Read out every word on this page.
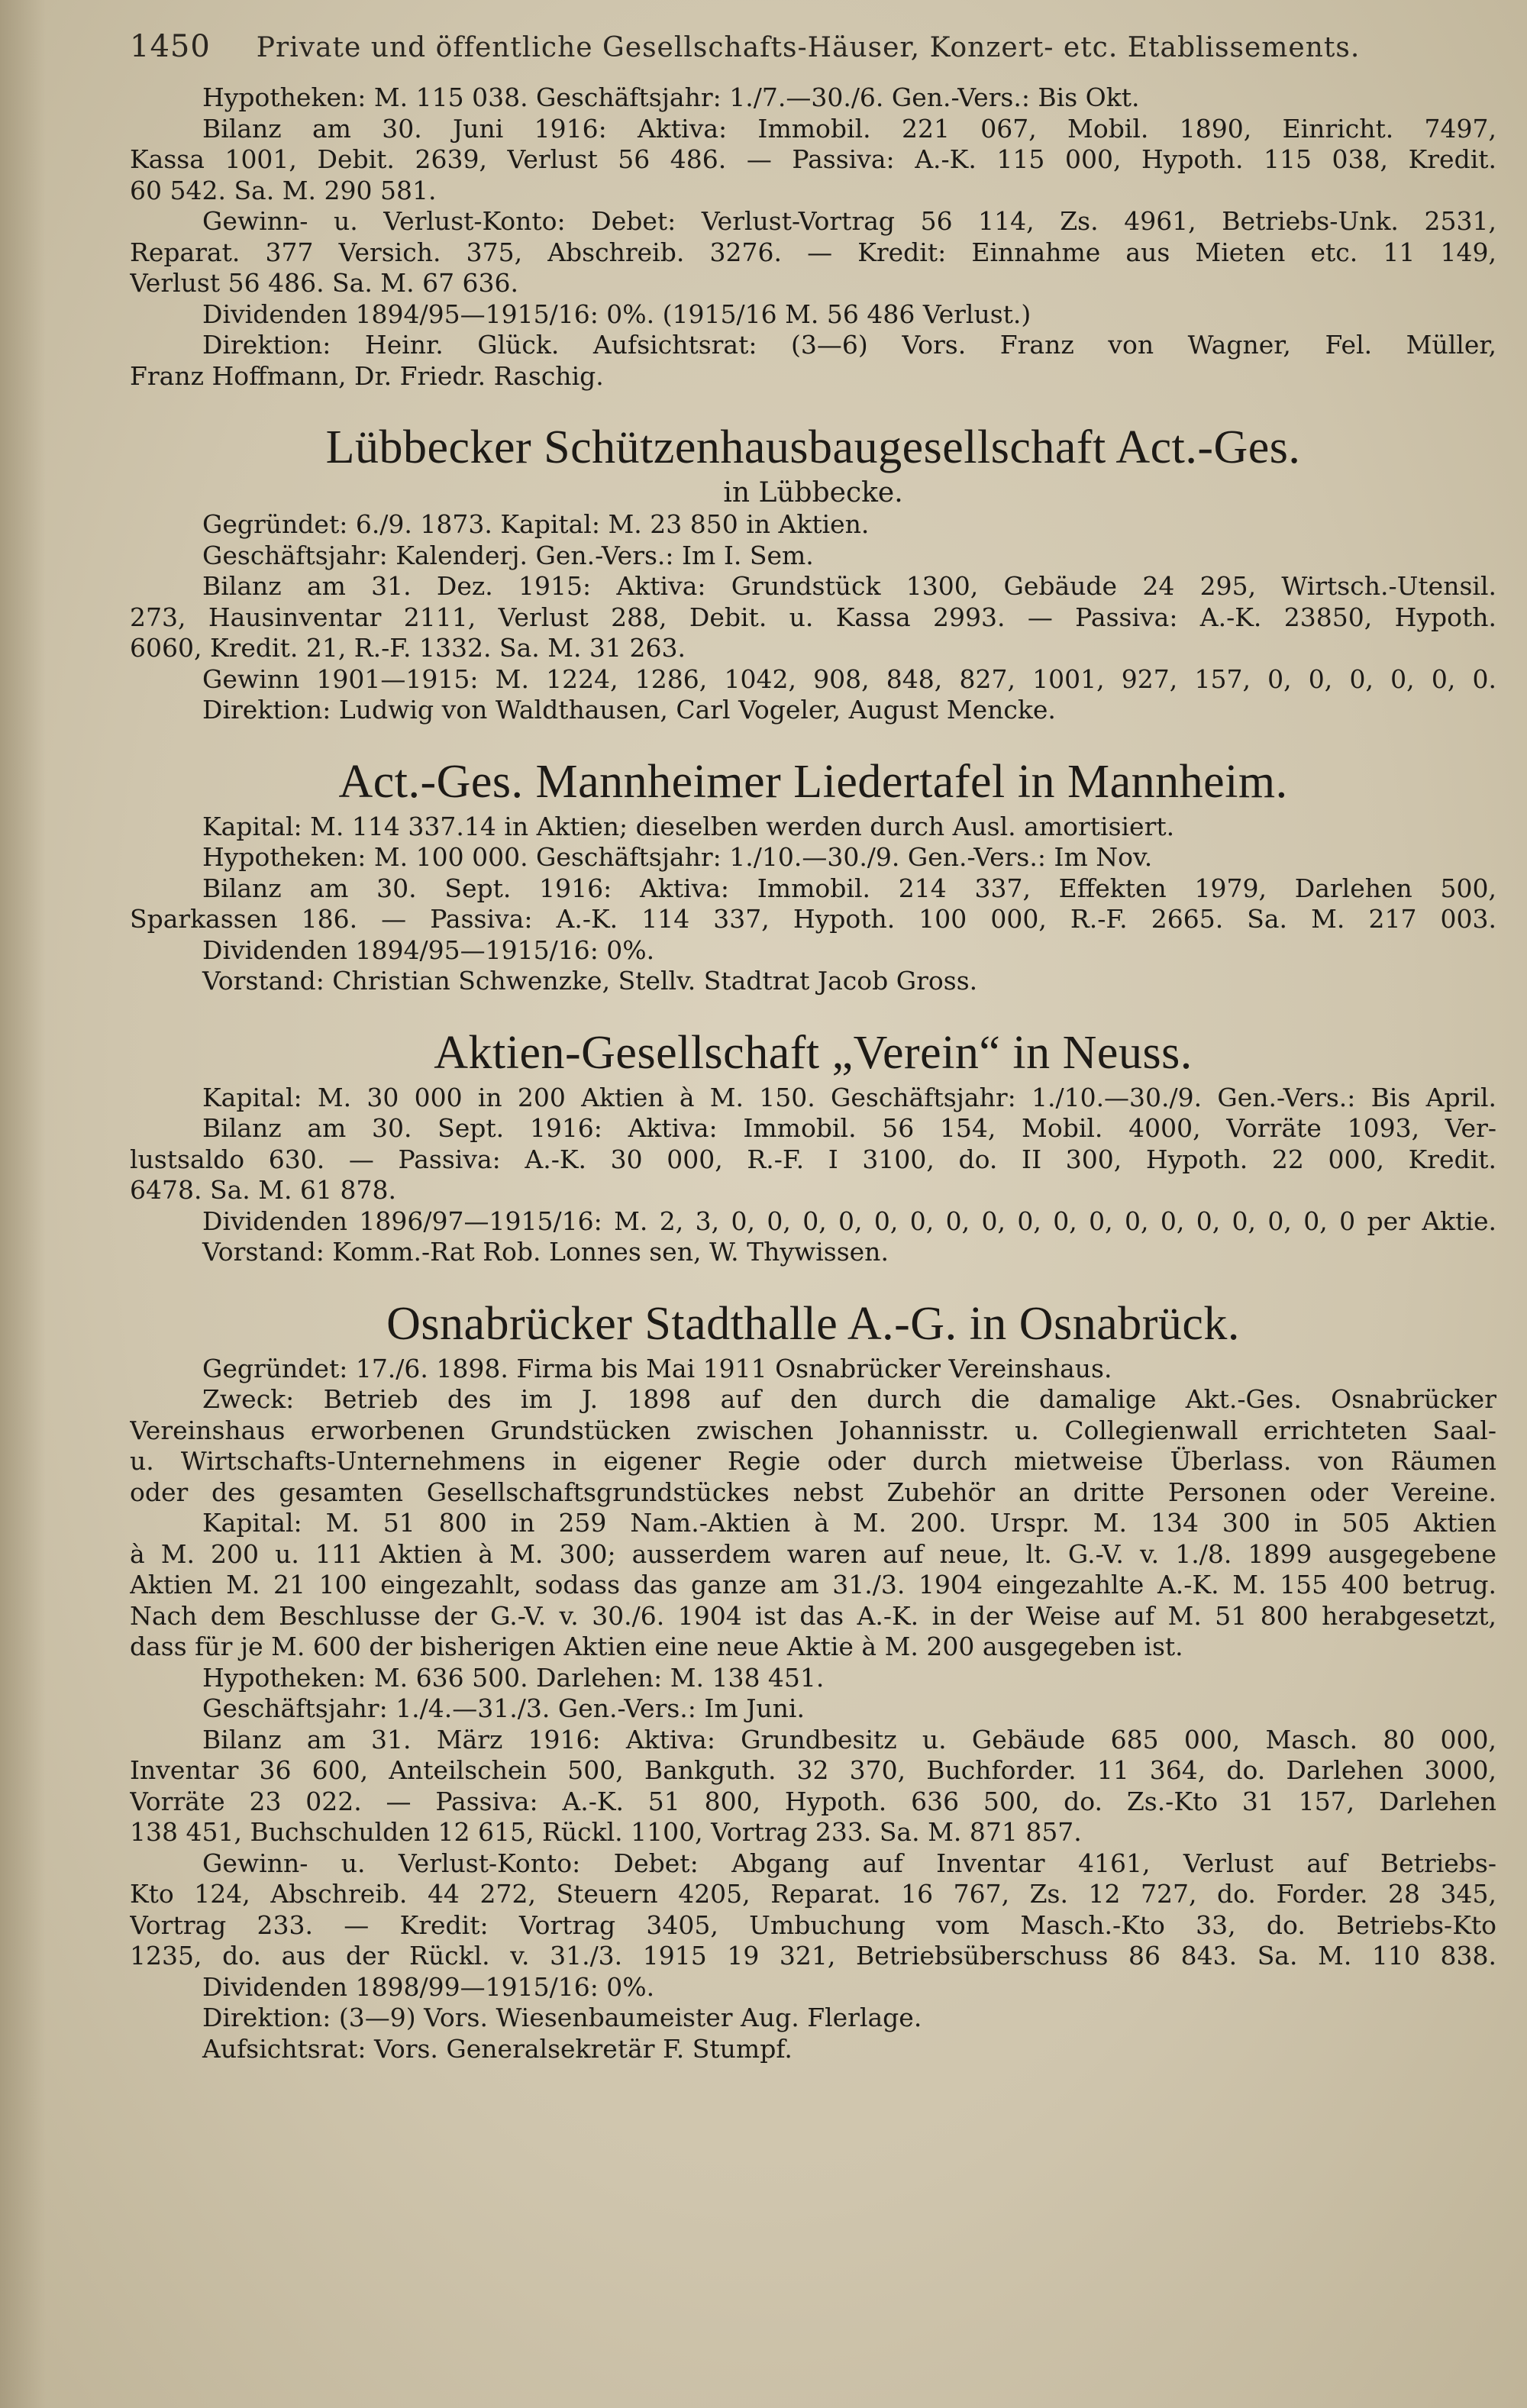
1450 Private und öffentliche Gesellschafts-Häuser, Konzert- etc. Etablissements.
Hypotheken: M. 115 038. Geschäftsjahr: 1./7.—30./6. Gen.-Vers.: Bis Okt.
Bilanz am 30. Juni 1916: Aktiva: Immobil. 221 067, Mobil. 1890, Einricht. 7497,
Kassa 1001, Debit. 2639, Verlust 56 486. — Passiva: A.-K. 115 000, Hypoth. 115 038, Kredit.
60 542. Sa. M. 290 581.
Gewinn- u. Verlust-Konto: Debet: Verlust-Vortrag 56 114, Zs. 4961, Betriebs-Unk. 2531,
Reparat. 377 Versich. 375, Abschreib. 3276. — Kredit: Einnahme aus Mieten etc. 11 149,
Verlust 56 486. Sa. M. 67 636.
Dividenden 1894/95—1915/16: 0%. (1915/16 M. 56 486 Verlust.)
Direktion: Heinr. Glück. Aufsichtsrat: (3—6) Vors. Franz von Wagner, Fel. Müller,
Franz Hoffmann, Dr. Friedr. Raschig.
Lübbecker Schützenhausbaugesellschaft Act.-Ges.
in Lübbecke.
Gegründet: 6./9. 1873. Kapital: M. 23 850 in Aktien.
Geschäftsjahr: Kalenderj. Gen.-Vers.: Im I. Sem.
Bilanz am 31. Dez. 1915: Aktiva: Grundstück 1300, Gebäude 24 295, Wirtsch.-Utensil.
273, Hausinventar 2111, Verlust 288, Debit. u. Kassa 2993. — Passiva: A.-K. 23850, Hypoth.
6060, Kredit. 21, R.-F. 1332. Sa. M. 31 263.
Gewinn 1901—1915: M. 1224, 1286, 1042, 908, 848, 827, 1001, 927, 157, 0, 0, 0, 0, 0, 0.
Direktion: Ludwig von Waldthausen, Carl Vogeler, August Mencke.
Act.-Ges. Mannheimer Liedertafel in Mannheim.
Kapital: M. 114 337.14 in Aktien; dieselben werden durch Ausl. amortisiert.
Hypotheken: M. 100 000. Geschäftsjahr: 1./10.—30./9. Gen.-Vers.: Im Nov.
Bilanz am 30. Sept. 1916: Aktiva: Immobil. 214 337, Effekten 1979, Darlehen 500,
Sparkassen 186. — Passiva: A.-K. 114 337, Hypoth. 100 000, R.-F. 2665. Sa. M. 217 003.
Dividenden 1894/95—1915/16: 0%.
Vorstand: Christian Schwenzke, Stellv. Stadtrat Jacob Gross.
Aktien-Gesellschaft „Verein“ in Neuss.
Kapital: M. 30 000 in 200 Aktien à M. 150. Geschäftsjahr: 1./10.—30./9. Gen.-Vers.: Bis April.
Bilanz am 30. Sept. 1916: Aktiva: Immobil. 56 154, Mobil. 4000, Vorräte 1093, Ver-
lustsaldo 630. — Passiva: A.-K. 30 000, R.-F. I 3100, do. II 300, Hypoth. 22 000, Kredit.
6478. Sa. M. 61 878.
Dividenden 1896/97—1915/16: M. 2, 3, 0, 0, 0, 0, 0, 0, 0, 0, 0, 0, 0, 0, 0, 0, 0, 0, 0, 0 per Aktie.
Vorstand: Komm.-Rat Rob. Lonnes sen, W. Thywissen.
Osnabrücker Stadthalle A.-G. in Osnabrück.
Gegründet: 17./6. 1898. Firma bis Mai 1911 Osnabrücker Vereinshaus.
Zweck: Betrieb des im J. 1898 auf den durch die damalige Akt.-Ges. Osnabrücker
Vereinshaus erworbenen Grundstücken zwischen Johannisstr. u. Collegienwall errichteten Saal-
u. Wirtschafts-Unternehmens in eigener Regie oder durch mietweise Überlass. von Räumen
oder des gesamten Gesellschaftsgrundstückes nebst Zubehör an dritte Personen oder Vereine.
Kapital: M. 51 800 in 259 Nam.-Aktien à M. 200. Urspr. M. 134 300 in 505 Aktien
à M. 200 u. 111 Aktien à M. 300; ausserdem waren auf neue, lt. G.-V. v. 1./8. 1899 ausgegebene
Aktien M. 21 100 eingezahlt, sodass das ganze am 31./3. 1904 eingezahlte A.-K. M. 155 400 betrug.
Nach dem Beschlusse der G.-V. v. 30./6. 1904 ist das A.-K. in der Weise auf M. 51 800 herabgesetzt,
dass für je M. 600 der bisherigen Aktien eine neue Aktie à M. 200 ausgegeben ist.
Hypotheken: M. 636 500. Darlehen: M. 138 451.
Geschäftsjahr: 1./4.—31./3. Gen.-Vers.: Im Juni.
Bilanz am 31. März 1916: Aktiva: Grundbesitz u. Gebäude 685 000, Masch. 80 000,
Inventar 36 600, Anteilschein 500, Bankguth. 32 370, Buchforder. 11 364, do. Darlehen 3000,
Vorräte 23 022. — Passiva: A.-K. 51 800, Hypoth. 636 500, do. Zs.-Kto 31 157, Darlehen
138 451, Buchschulden 12 615, Rückl. 1100, Vortrag 233. Sa. M. 871 857.
Gewinn- u. Verlust-Konto: Debet: Abgang auf Inventar 4161, Verlust auf Betriebs-
Kto 124, Abschreib. 44 272, Steuern 4205, Reparat. 16 767, Zs. 12 727, do. Forder. 28 345,
Vortrag 233. — Kredit: Vortrag 3405, Umbuchung vom Masch.-Kto 33, do. Betriebs-Kto
1235, do. aus der Rückl. v. 31./3. 1915 19 321, Betriebsüberschuss 86 843. Sa. M. 110 838.
Dividenden 1898/99—1915/16: 0%.
Direktion: (3—9) Vors. Wiesenbaumeister Aug. Flerlage.
Aufsichtsrat: Vors. Generalsekretär F. Stumpf.
